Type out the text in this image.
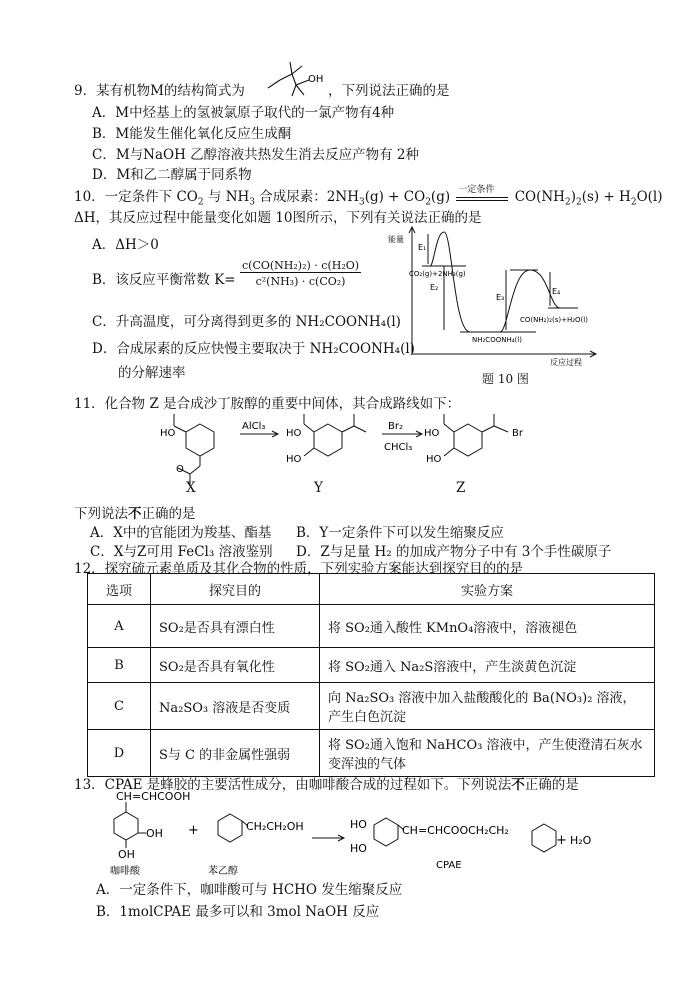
9．某有机物M的结构简式为
OH
，下列说法正确的是
A．M中烃基上的氢被氯原子取代的一氯产物有4种
B．M能发生催化氧化反应生成酮
C．M与NaOH 乙醇溶液共热发生消去反应产物有 2种
D．M和乙二醇属于同系物
10．一定条件下 $CO_2$ 与 $NH_3$ 合成尿素：$2NH_3(g) + CO_2(g)$ 一定条件 $CO(NH_2)_2(s) + H_2O(l)$
ΔH，其反应过程中能量变化如题 10图所示，下列有关说法正确的是
A．ΔH＞0
B．该反应平衡常数 $K= \frac{\text{c(CO(NH₂)₂) · c(H₂O)}}{\text{c²(NH₃) · c(CO₂)}}$
C．升高温度，可分离得到更多的 NH₂COONH₄(l)
D．合成尿素的反应快慢主要取决于 NH₂COONH₄(l)
的分解速率
能量
反应过程
E₁
E₂
E₃
E₄
CO₂(g)+2NH₃(g)
NH₂COONH₄(l)
CO(NH₂)₂(s)+H₂O(l)
题 10 图
11．化合物 Z 是合成沙丁胺醇的重要中间体，其合成路线如下：
HO
O
AlCl₃
HO
HO
Br₂
CHCl₃
HO
HO
Br
X	Y	Z
下列说法不正确的是
A．X中的官能团为羧基、酯基 B．Y一定条件下可以发生缩聚反应
C．X与Z可用 FeCl₃ 溶液鉴别 D．Z与足量 H₂ 的加成产物分子中有 3个手性碳原子
12．探究硫元素单质及其化合物的性质，下列实验方案能达到探究目的的是
选项	探究目的	实验方案
A	SO₂是否具有漂白性	将 SO₂通入酸性 KMnO₄溶液中，溶液褪色
B	SO₂是否具有氧化性	将 SO₂通入 Na₂S溶液中，产生淡黄色沉淀
C	Na₂SO₃ 溶液是否变质	向 Na₂SO₃ 溶液中加入盐酸酸化的 Ba(NO₃)₂ 溶液，产生白色沉淀
D	S与 C 的非金属性强弱	将 SO₂通入饱和 NaHCO₃ 溶液中，产生使澄清石灰水变浑浊的气体
13．CPAE 是蜂胶的主要活性成分，由咖啡酸合成的过程如下。下列说法不正确的是
CH=CHCOOH
OH
OH
+	CH₂CH₂OH	HO
HO
CH=CHCOOCH₂CH₂
+ H₂O
咖啡酸	苯乙醇
CPAE
A．一定条件下，咖啡酸可与 HCHO 发生缩聚反应
B．1molCPAE 最多可以和 3mol NaOH 反应
